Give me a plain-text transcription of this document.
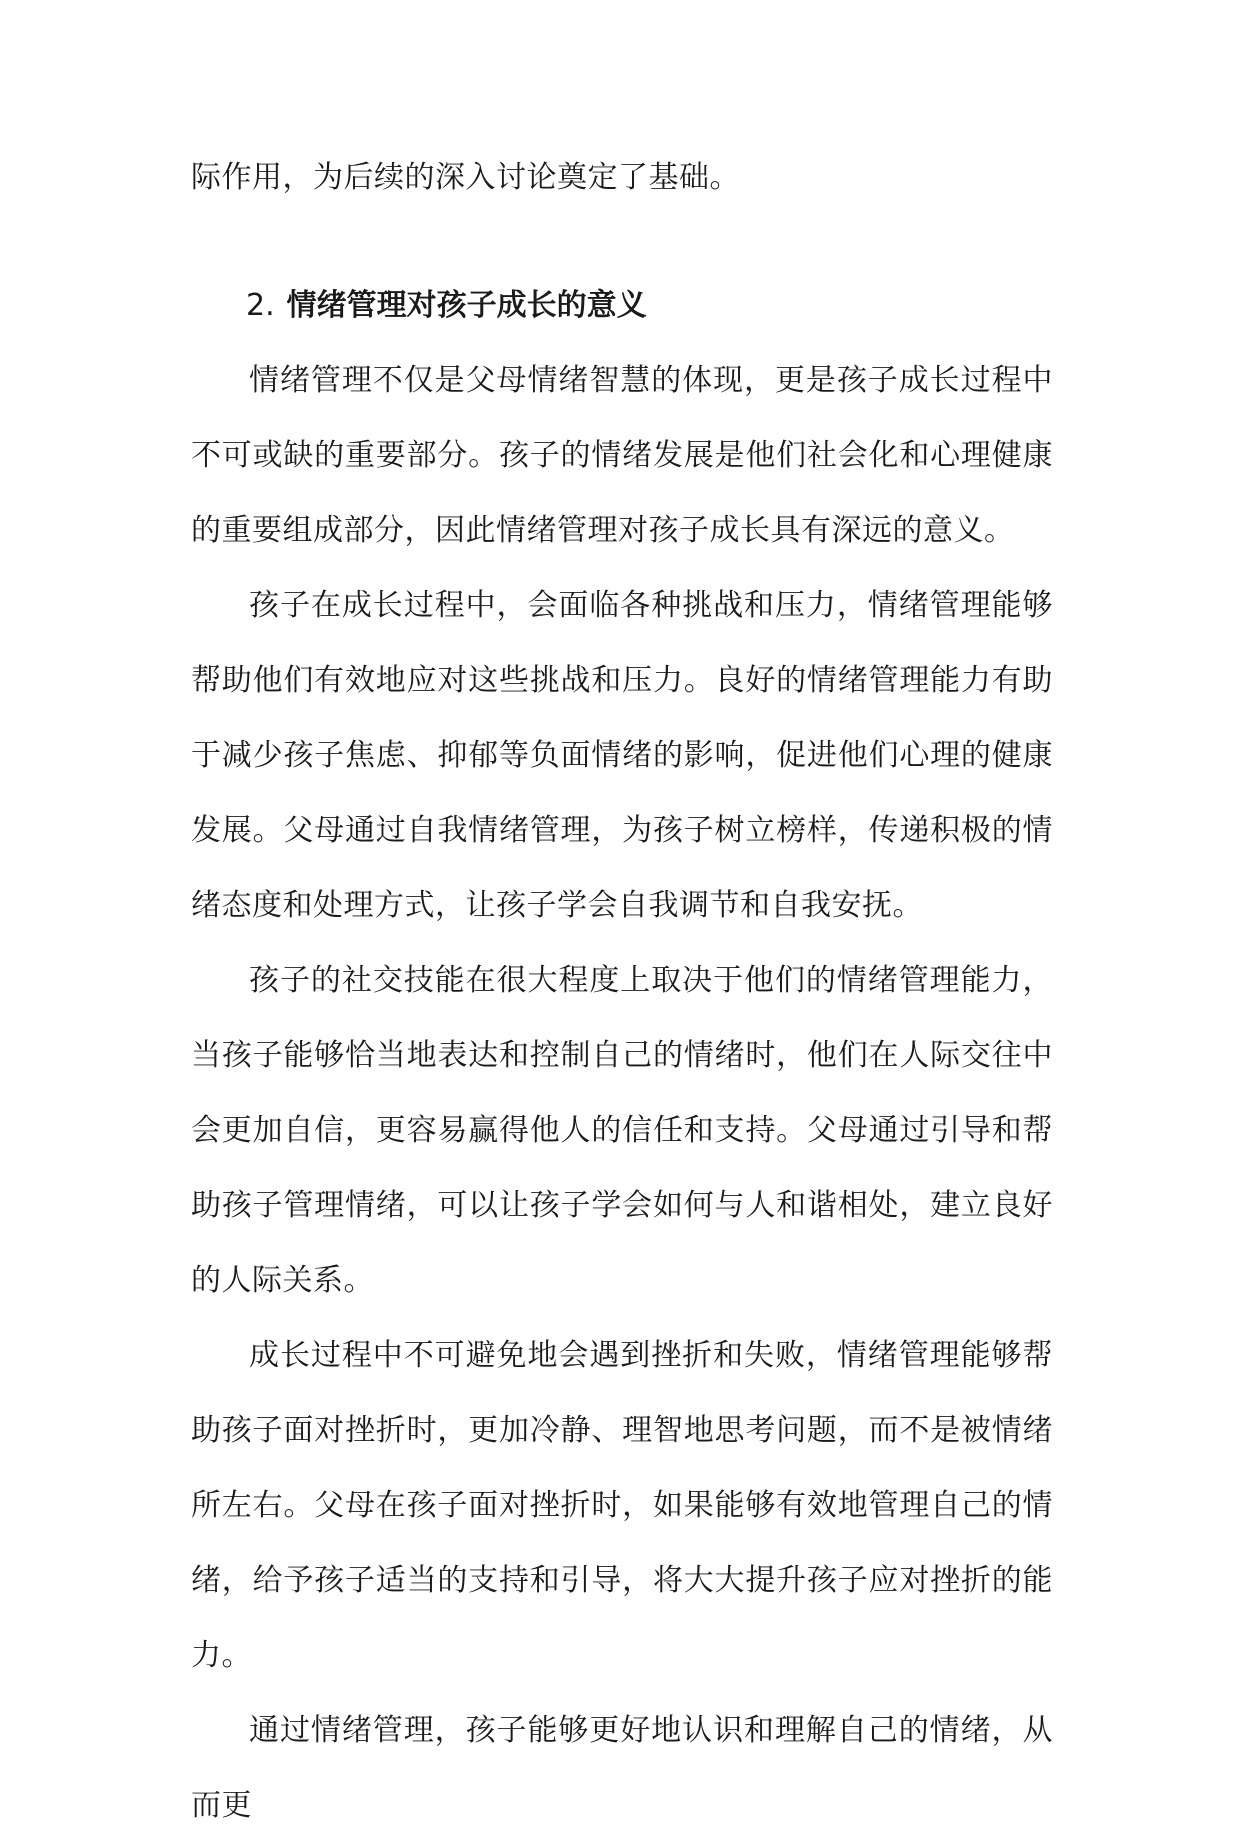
际作用，为后续的深入讨论奠定了基础。

2. 情绪管理对孩子成长的意义

情绪管理不仅是父母情绪智慧的体现，更是孩子成长过程中不可或缺的重要部分。孩子的情绪发展是他们社会化和心理健康的重要组成部分，因此情绪管理对孩子成长具有深远的意义。

孩子在成长过程中，会面临各种挑战和压力，情绪管理能够帮助他们有效地应对这些挑战和压力。良好的情绪管理能力有助于减少孩子焦虑、抑郁等负面情绪的影响，促进他们心理的健康发展。父母通过自我情绪管理，为孩子树立榜样，传递积极的情绪态度和处理方式，让孩子学会自我调节和自我安抚。

孩子的社交技能在很大程度上取决于他们的情绪管理能力，当孩子能够恰当地表达和控制自己的情绪时，他们在人际交往中会更加自信，更容易赢得他人的信任和支持。父母通过引导和帮助孩子管理情绪，可以让孩子学会如何与人和谐相处，建立良好的人际关系。

成长过程中不可避免地会遇到挫折和失败，情绪管理能够帮助孩子面对挫折时，更加冷静、理智地思考问题，而不是被情绪所左右。父母在孩子面对挫折时，如果能够有效地管理自己的情绪，给予孩子适当的支持和引导，将大大提升孩子应对挫折的能力。

通过情绪管理，孩子能够更好地认识和理解自己的情绪，从而更
